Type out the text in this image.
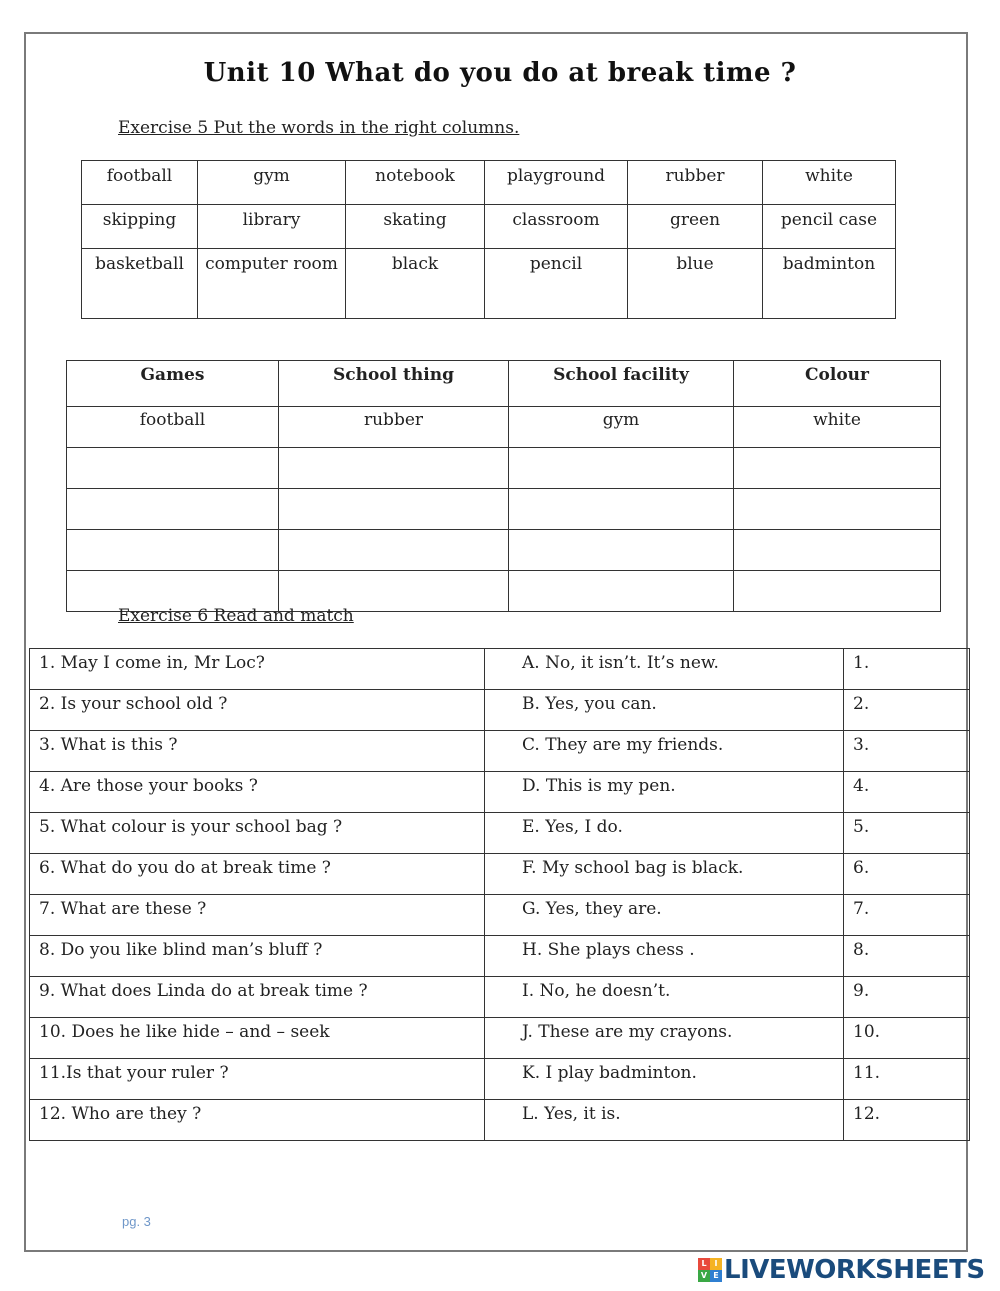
Unit 10 What do you do at break time ?
Exercise 5 Put the words in the right columns.
football	gym	notebook	playground	rubber	white
skipping	library	skating	classroom	green	pencil case
basketball	computer room	black	pencil	blue	badminton
Games	School thing	School facility	Colour
football	rubber	gym	white

Exercise 6 Read and match
1. May I come in, Mr Loc?	A. No, it isn’t. It’s new.	1.
2. Is your school old ?	B. Yes, you can.	2.
3. What is this ?	C. They are my friends.	3.
4. Are those your books ?	D. This is my pen.	4.
5. What colour is your school bag ?	E. Yes, I do.	5.
6. What do you do at break time ?	F. My school bag is black.	6.
7. What are these ?	G. Yes, they are.	7.
8. Do you like blind man’s bluff ?	H. She plays chess .	8.
9. What does Linda do at break time ?	I. No, he doesn’t.	9.
10. Does he like hide – and – seek	J. These are my crayons.	10.
11.Is that your ruler ?	K. I play badminton.	11.
12. Who are they ?	L. Yes, it is.	12.
pg. 3
L I
V E LIVEWORKSHEETS
